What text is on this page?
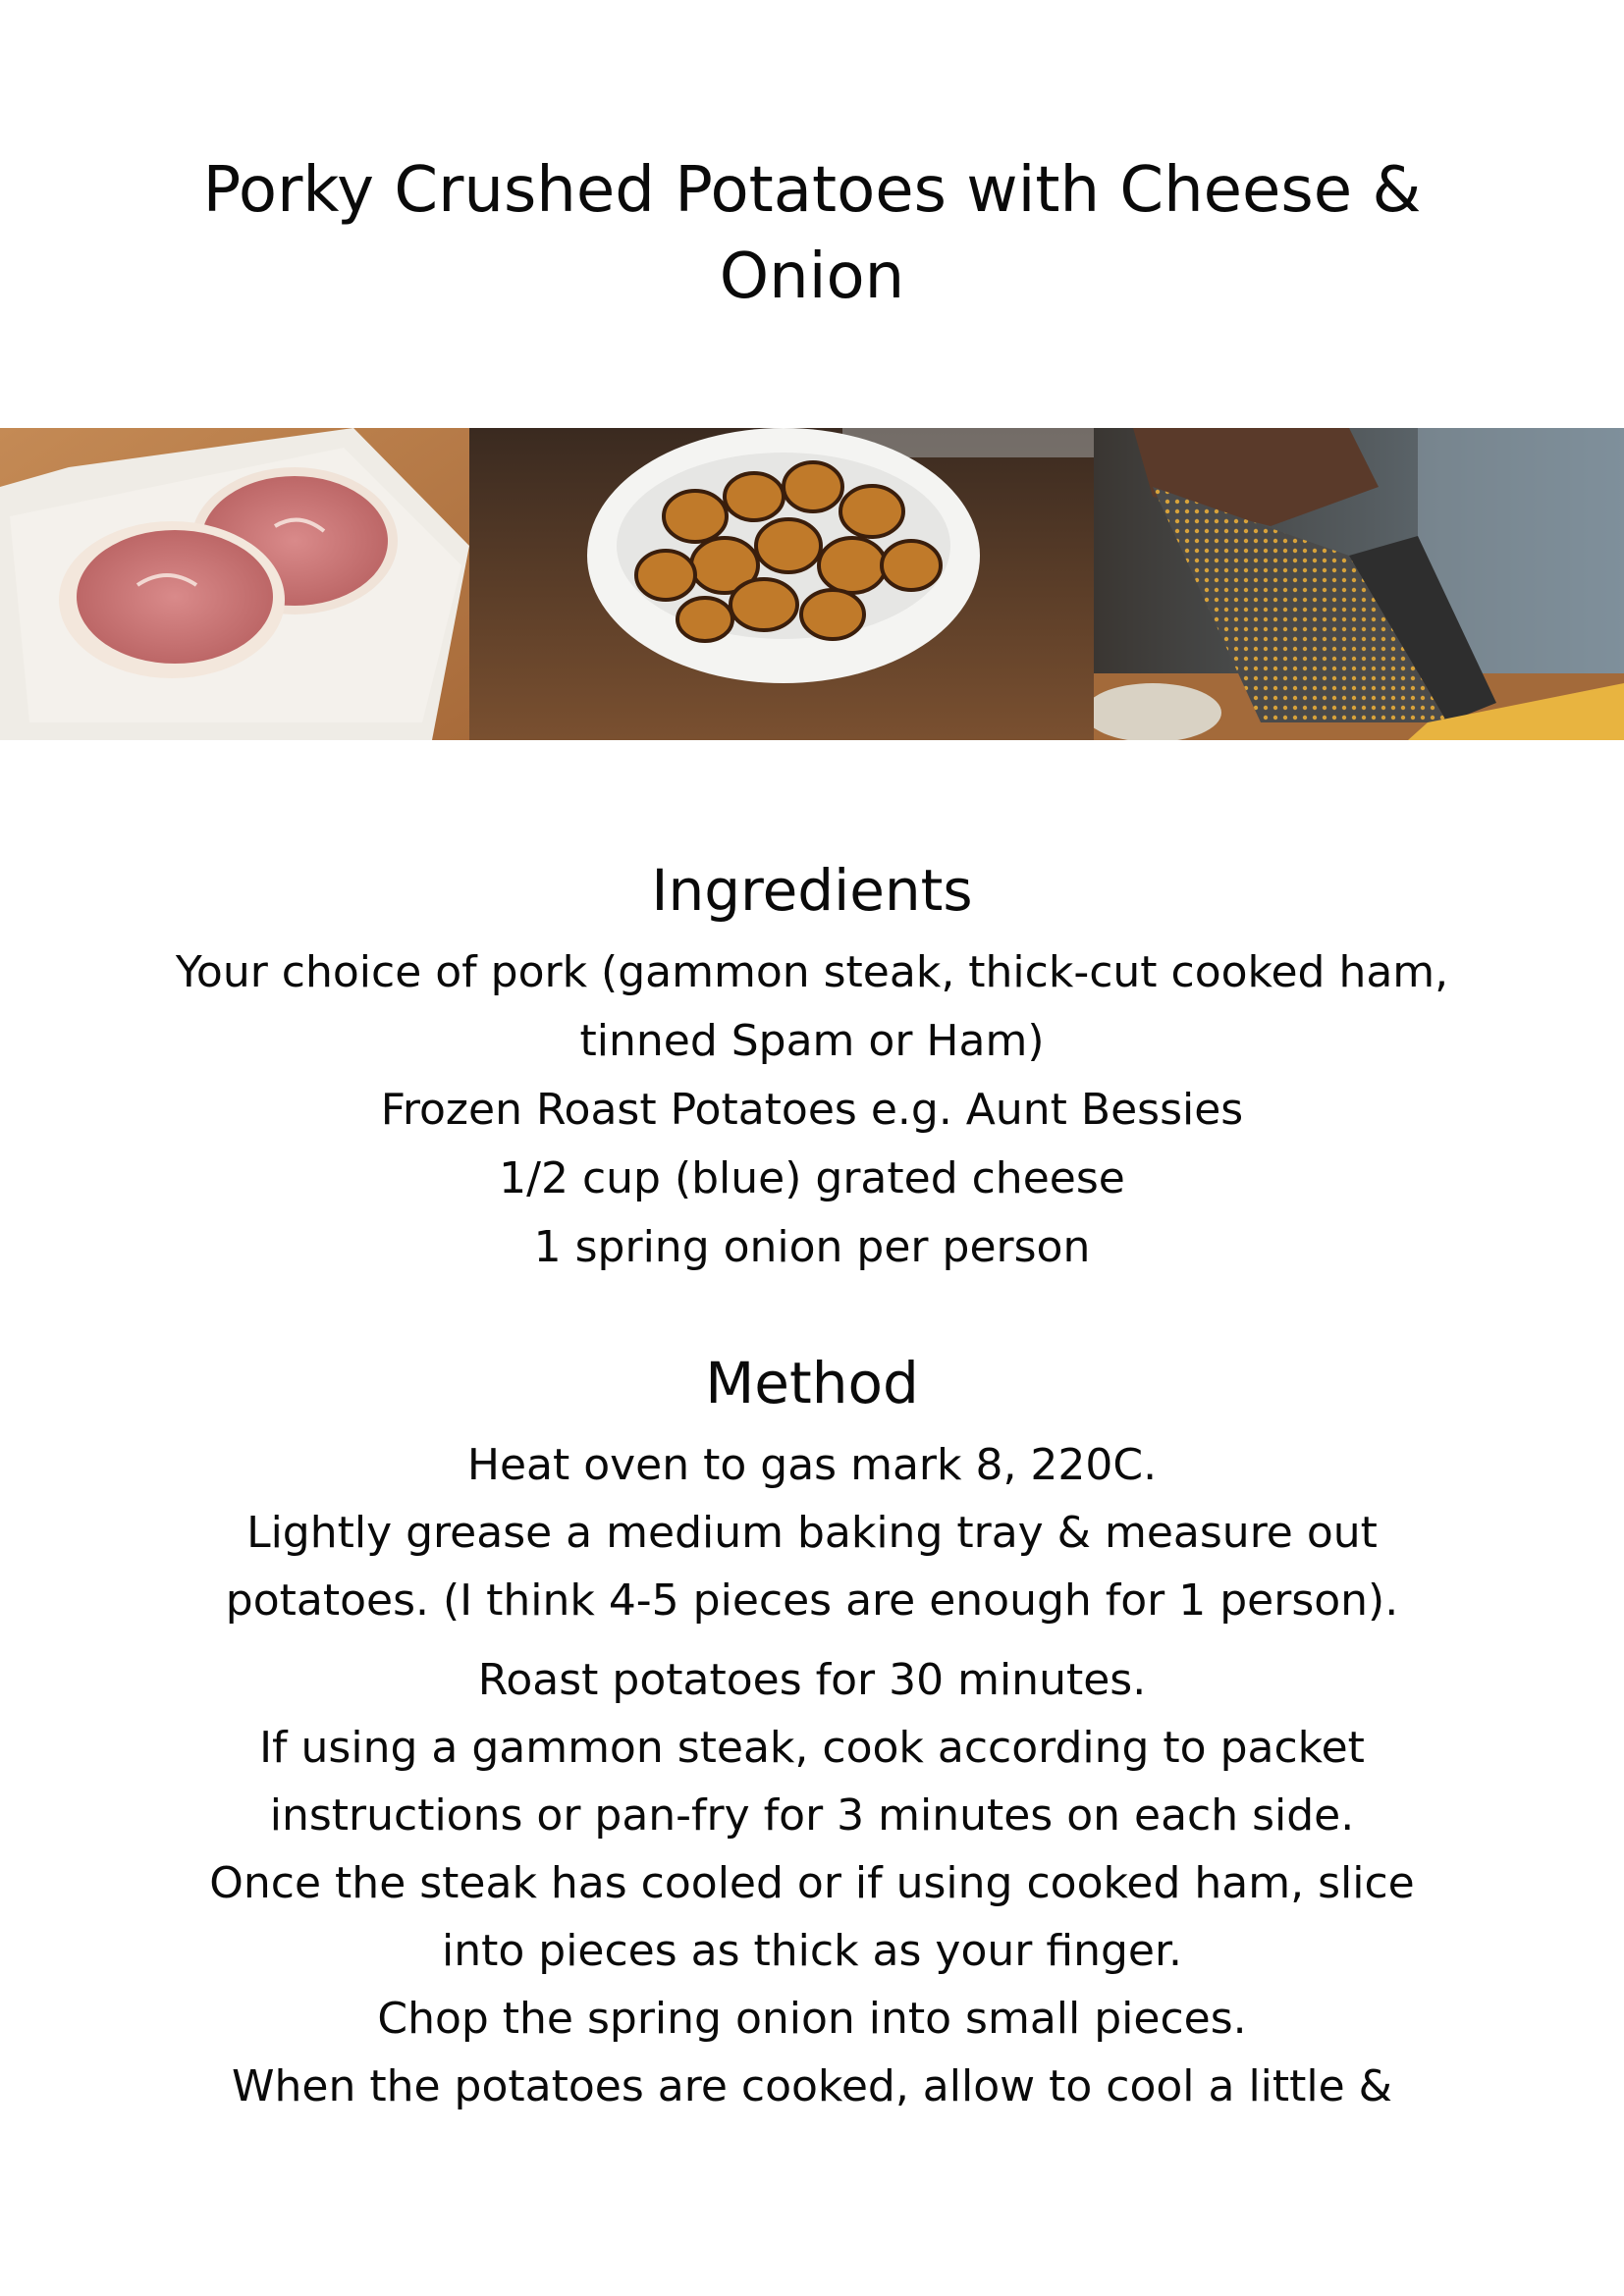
Porky Crushed Potatoes with Cheese &
Onion
Ingredients
Your choice of pork (gammon steak, thick-cut cooked ham,
tinned Spam or Ham)
Frozen Roast Potatoes e.g. Aunt Bessies
1/2 cup (blue) grated cheese
1 spring onion per person
Method
Heat oven to gas mark 8, 220C.
Lightly grease a medium baking tray & measure out
potatoes. (I think 4-5 pieces are enough for 1 person).
Roast potatoes for 30 minutes.
If using a gammon steak, cook according to packet
instructions or pan-fry for 3 minutes on each side.
Once the steak has cooled or if using cooked ham, slice
into pieces as thick as your finger.
Chop the spring onion into small pieces.
When the potatoes are cooked, allow to cool a little &
